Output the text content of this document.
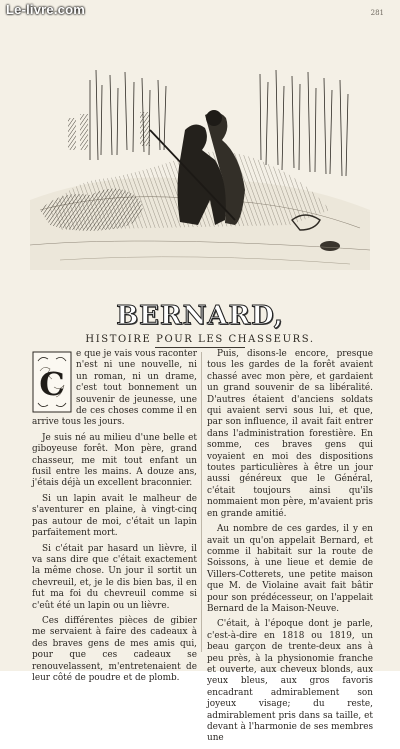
Le-livre.com	281
BERNARD,
HISTOIRE POUR LES CHASSEURS.
C

e que je vais vous raconter n'est ni une nouvelle, ni un roman, ni un drame, c'est tout bonnement un souvenir de jeunesse, une de ces choses comme il en arrive tous les jours.

Je suis né au milieu d'une belle et giboyeuse forêt. Mon père, grand chasseur, me mit tout enfant un fusil entre les mains. A douze ans, j'étais déjà un excellent braconnier.

Si un lapin avait le malheur de s'aventurer en plaine, à vingt-cinq pas autour de moi, c'était un lapin parfaitement mort.

Si c'était par hasard un lièvre, il va sans dire que c'était exactement la même chose. Un jour il sortit un chevreuil, et, je le dis bien bas, il en fut ma foi du chevreuil comme si c'eût été un lapin ou un lièvre.

Ces différentes pièces de gibier me servaient à faire des cadeaux à des braves gens de mes amis qui, pour que ces cadeaux se renouvelassent, m'entretenaient de leur côté de poudre et de plomb.

Puis, disons-le encore, presque tous les gardes de la forêt avaient chassé avec mon père, et gardaient un grand souvenir de sa libéralité. D'autres étaient d'anciens soldats qui avaient servi sous lui, et que, par son influence, il avait fait entrer dans l'administration forestière. En somme, ces braves gens qui voyaient en moi des dispositions toutes particulières à être un jour aussi généreux que le Général, c'était toujours ainsi qu'ils nommaient mon père, m'avaient pris en grande amitié.

Au nombre de ces gardes, il y en avait un qu'on appelait Bernard, et comme il habitait sur la route de Soissons, à une lieue et demie de Villers-Cotterets, une petite maison que M. de Violaine avait fait bâtir pour son prédécesseur, on l'appelait Bernard de la Maison-Neuve.

C'était, à l'époque dont je parle, c'est-à-dire en 1818 ou 1819, un beau garçon de trente-deux ans à peu près, à la physionomie franche et ouverte, aux cheveux blonds, aux yeux bleus, aux gros favoris encadrant admirablement son joyeux visage; du reste, admirablement pris dans sa taille, et devant à l'harmonie de ses membres une
